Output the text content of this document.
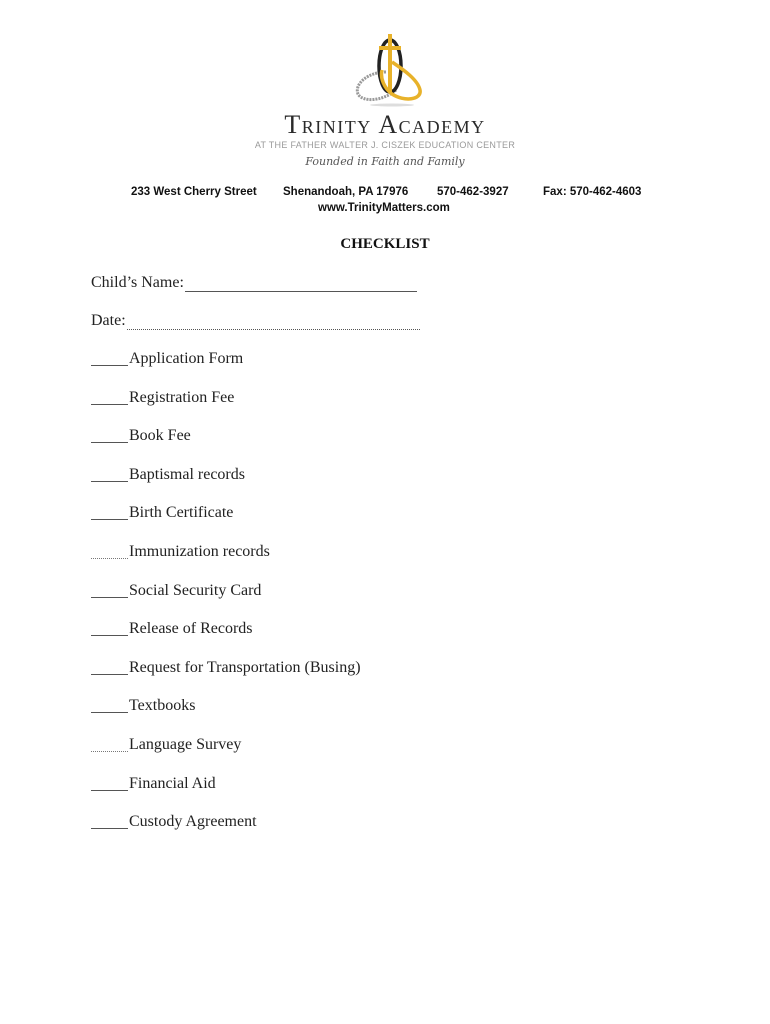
Trinity Academy
AT THE FATHER WALTER J. CISZEK EDUCATION CENTER
Founded in Faith and Family
233 West Cherry Street Shenandoah, PA 17976 570-462-3927	Fax: 570-462-4603
www.TrinityMatters.com
CHECKLIST
Child’s Name:
Date:
Application Form
Registration Fee
Book Fee
Baptismal records
Birth Certificate
Immunization records
Social Security Card
Release of Records
Request for Transportation (Busing)
Textbooks
Language Survey
Financial Aid
Custody Agreement
